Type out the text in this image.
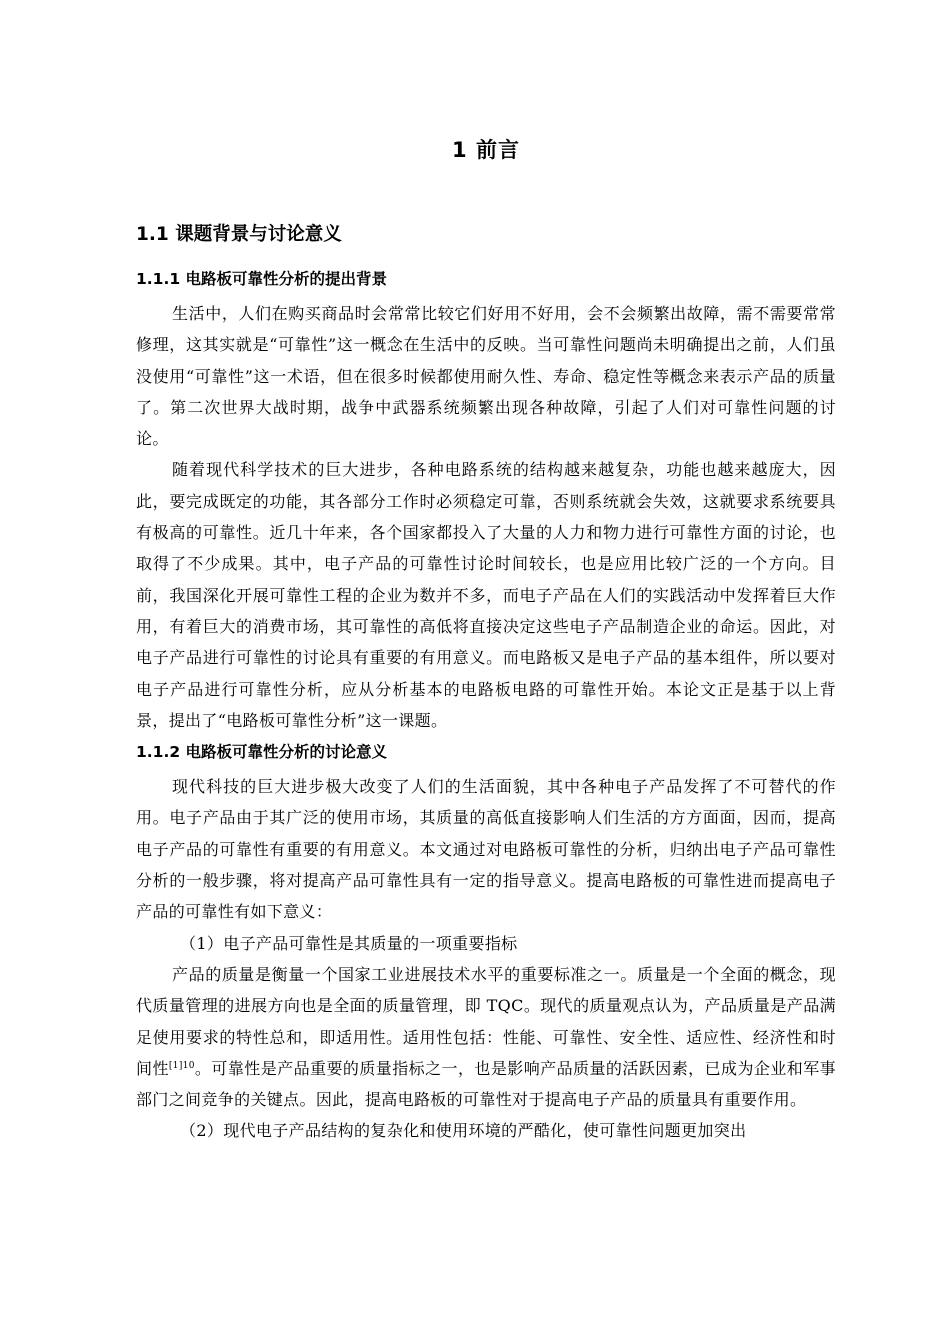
1 前言
1.1 课题背景与讨论意义
1.1.1 电路板可靠性分析的提出背景

生活中，人们在购买商品时会常常比较它们好用不好用，会不会频繁出故障，需不需要常常修理，这其实就是“可靠性”这一概念在生活中的反映。当可靠性问题尚未明确提出之前，人们虽没使用“可靠性”这一术语，但在很多时候都使用耐久性、寿命、稳定性等概念来表示产品的质量了。第二次世界大战时期，战争中武器系统频繁出现各种故障，引起了人们对可靠性问题的讨论。

随着现代科学技术的巨大进步，各种电路系统的结构越来越复杂，功能也越来越庞大，因此，要完成既定的功能，其各部分工作时必须稳定可靠，否则系统就会失效，这就要求系统要具有极高的可靠性。近几十年来，各个国家都投入了大量的人力和物力进行可靠性方面的讨论，也取得了不少成果。其中，电子产品的可靠性讨论时间较长，也是应用比较广泛的一个方向。目前，我国深化开展可靠性工程的企业为数并不多，而电子产品在人们的实践活动中发挥着巨大作用，有着巨大的消费市场，其可靠性的高低将直接决定这些电子产品制造企业的命运。因此，对电子产品进行可靠性的讨论具有重要的有用意义。而电路板又是电子产品的基本组件，所以要对电子产品进行可靠性分析，应从分析基本的电路板电路的可靠性开始。本论文正是基于以上背景，提出了“电路板可靠性分析”这一课题。

1.1.2 电路板可靠性分析的讨论意义

现代科技的巨大进步极大改变了人们的生活面貌，其中各种电子产品发挥了不可替代的作用。电子产品由于其广泛的使用市场，其质量的高低直接影响人们生活的方方面面，因而，提高电子产品的可靠性有重要的有用意义。本文通过对电路板可靠性的分析，归纳出电子产品可靠性分析的一般步骤，将对提高产品可靠性具有一定的指导意义。提高电路板的可靠性进而提高电子产品的可靠性有如下意义：

（1）电子产品可靠性是其质量的一项重要指标

产品的质量是衡量一个国家工业进展技术水平的重要标准之一。质量是一个全面的概念，现代质量管理的进展方向也是全面的质量管理，即 TQC。现代的质量观点认为，产品质量是产品满足使用要求的特性总和，即适用性。适用性包括：性能、可靠性、安全性、适应性、经济性和时间性$^{[1]10}$。可靠性是产品重要的质量指标之一，也是影响产品质量的活跃因素，已成为企业和军事部门之间竞争的关键点。因此，提高电路板的可靠性对于提高电子产品的质量具有重要作用。

（2）现代电子产品结构的复杂化和使用环境的严酷化，使可靠性问题更加突出
